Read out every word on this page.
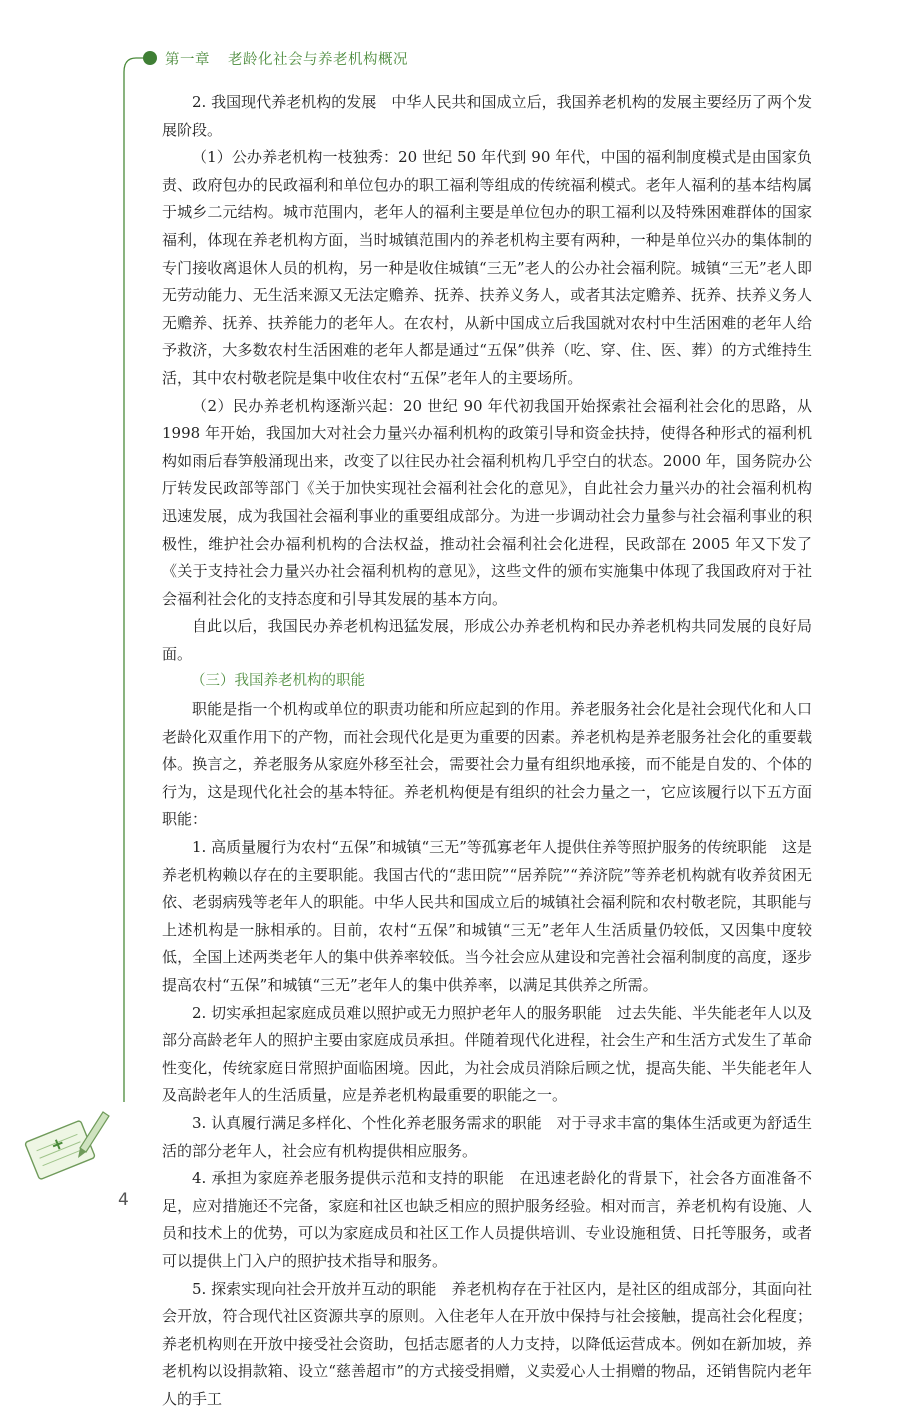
第一章 老龄化社会与养老机构概况

2. 我国现代养老机构的发展　中华人民共和国成立后，我国养老机构的发展主要经历了两个发展阶段。

（1）公办养老机构一枝独秀：20 世纪 50 年代到 90 年代，中国的福利制度模式是由国家负责、政府包办的民政福利和单位包办的职工福利等组成的传统福利模式。老年人福利的基本结构属于城乡二元结构。城市范围内，老年人的福利主要是单位包办的职工福利以及特殊困难群体的国家福利，体现在养老机构方面，当时城镇范围内的养老机构主要有两种，一种是单位兴办的集体制的专门接收离退休人员的机构，另一种是收住城镇“三无”老人的公办社会福利院。城镇“三无”老人即无劳动能力、无生活来源又无法定赡养、抚养、扶养义务人，或者其法定赡养、抚养、扶养义务人无赡养、抚养、扶养能力的老年人。在农村，从新中国成立后我国就对农村中生活困难的老年人给予救济，大多数农村生活困难的老年人都是通过“五保”供养（吃、穿、住、医、葬）的方式维持生活，其中农村敬老院是集中收住农村“五保”老年人的主要场所。

（2）民办养老机构逐渐兴起：20 世纪 90 年代初我国开始探索社会福利社会化的思路，从 1998 年开始，我国加大对社会力量兴办福利机构的政策引导和资金扶持，使得各种形式的福利机构如雨后春笋般涌现出来，改变了以往民办社会福利机构几乎空白的状态。2000 年，国务院办公厅转发民政部等部门《关于加快实现社会福利社会化的意见》，自此社会力量兴办的社会福利机构迅速发展，成为我国社会福利事业的重要组成部分。为进一步调动社会力量参与社会福利事业的积极性，维护社会办福利机构的合法权益，推动社会福利社会化进程，民政部在 2005 年又下发了《关于支持社会力量兴办社会福利机构的意见》，这些文件的颁布实施集中体现了我国政府对于社会福利社会化的支持态度和引导其发展的基本方向。

自此以后，我国民办养老机构迅猛发展，形成公办养老机构和民办养老机构共同发展的良好局面。

（三）我国养老机构的职能

职能是指一个机构或单位的职责功能和所应起到的作用。养老服务社会化是社会现代化和人口老龄化双重作用下的产物，而社会现代化是更为重要的因素。养老机构是养老服务社会化的重要载体。换言之，养老服务从家庭外移至社会，需要社会力量有组织地承接，而不能是自发的、个体的行为，这是现代化社会的基本特征。养老机构便是有组织的社会力量之一，它应该履行以下五方面职能：

1. 高质量履行为农村“五保”和城镇“三无”等孤寡老年人提供住养等照护服务的传统职能　这是养老机构赖以存在的主要职能。我国古代的“悲田院”“居养院”“养济院”等养老机构就有收养贫困无依、老弱病残等老年人的职能。中华人民共和国成立后的城镇社会福利院和农村敬老院，其职能与上述机构是一脉相承的。目前，农村“五保”和城镇“三无”老年人生活质量仍较低，又因集中度较低，全国上述两类老年人的集中供养率较低。当今社会应从建设和完善社会福利制度的高度，逐步提高农村“五保”和城镇“三无”老年人的集中供养率，以满足其供养之所需。

2. 切实承担起家庭成员难以照护或无力照护老年人的服务职能　过去失能、半失能老年人以及部分高龄老年人的照护主要由家庭成员承担。伴随着现代化进程，社会生产和生活方式发生了革命性变化，传统家庭日常照护面临困境。因此，为社会成员消除后顾之忧，提高失能、半失能老年人及高龄老年人的生活质量，应是养老机构最重要的职能之一。

3. 认真履行满足多样化、个性化养老服务需求的职能　对于寻求丰富的集体生活或更为舒适生活的部分老年人，社会应有机构提供相应服务。

4. 承担为家庭养老服务提供示范和支持的职能　在迅速老龄化的背景下，社会各方面准备不足，应对措施还不完备，家庭和社区也缺乏相应的照护服务经验。相对而言，养老机构有设施、人员和技术上的优势，可以为家庭成员和社区工作人员提供培训、专业设施租赁、日托等服务，或者可以提供上门入户的照护技术指导和服务。

5. 探索实现向社会开放并互动的职能　养老机构存在于社区内，是社区的组成部分，其面向社会开放，符合现代社区资源共享的原则。入住老年人在开放中保持与社会接触，提高社会化程度；养老机构则在开放中接受社会资助，包括志愿者的人力支持，以降低运营成本。例如在新加坡，养老机构以设捐款箱、设立“慈善超市”的方式接受捐赠，义卖爱心人士捐赠的物品，还销售院内老年人的手工

4
